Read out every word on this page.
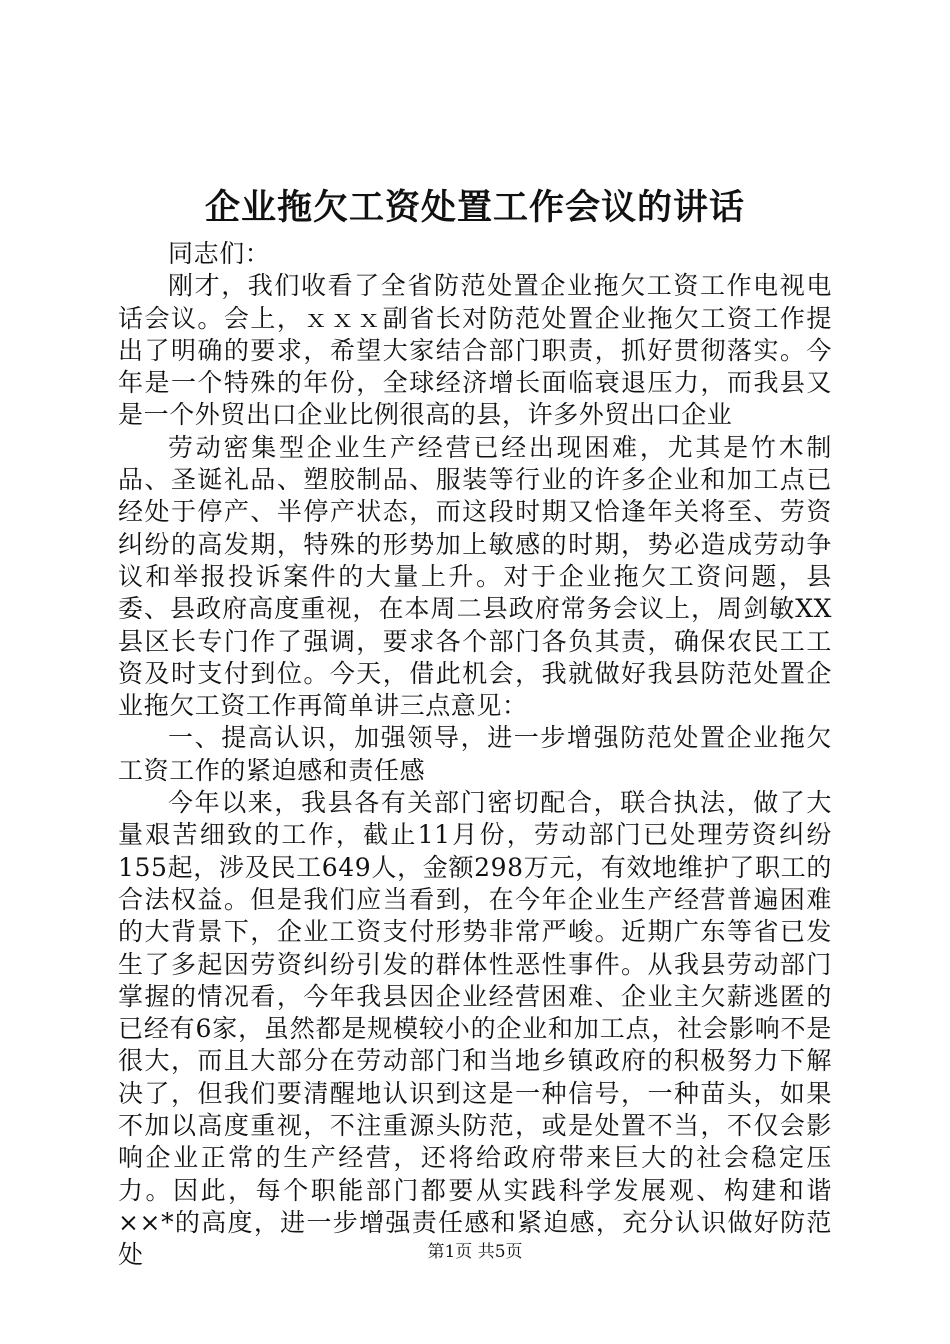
企业拖欠工资处置工作会议的讲话

同志们：

刚才，我们收看了全省防范处置企业拖欠工资工作电视电话会议。会上，ｘｘｘ副省长对防范处置企业拖欠工资工作提出了明确的要求，希望大家结合部门职责，抓好贯彻落实。今年是一个特殊的年份，全球经济增长面临衰退压力，而我县又是一个外贸出口企业比例很高的县，许多外贸出口企业

劳动密集型企业生产经营已经出现困难，尤其是竹木制品、圣诞礼品、塑胶制品、服装等行业的许多企业和加工点已经处于停产、半停产状态，而这段时期又恰逢年关将至、劳资纠纷的高发期，特殊的形势加上敏感的时期，势必造成劳动争议和举报投诉案件的大量上升。对于企业拖欠工资问题，县委、县政府高度重视，在本周二县政府常务会议上，周剑敏XX县区长专门作了强调，要求各个部门各负其责，确保农民工工资及时支付到位。今天，借此机会，我就做好我县防范处置企业拖欠工资工作再简单讲三点意见：

一、提高认识，加强领导，进一步增强防范处置企业拖欠工资工作的紧迫感和责任感

今年以来，我县各有关部门密切配合，联合执法，做了大量艰苦细致的工作，截止11月份，劳动部门已处理劳资纠纷155起，涉及民工649人，金额298万元，有效地维护了职工的合法权益。但是我们应当看到，在今年企业生产经营普遍困难的大背景下，企业工资支付形势非常严峻。近期广东等省已发生了多起因劳资纠纷引发的群体性恶性事件。从我县劳动部门掌握的情况看，今年我县因企业经营困难、企业主欠薪逃匿的已经有6家，虽然都是规模较小的企业和加工点，社会影响不是很大，而且大部分在劳动部门和当地乡镇政府的积极努力下解决了，但我们要清醒地认识到这是一种信号，一种苗头，如果不加以高度重视，不注重源头防范，或是处置不当，不仅会影响企业正常的生产经营，还将给政府带来巨大的社会稳定压力。因此，每个职能部门都要从实践科学发展观、构建和谐××*的高度，进一步增强责任感和紧迫感，充分认识做好防范处	第1页 共5页
